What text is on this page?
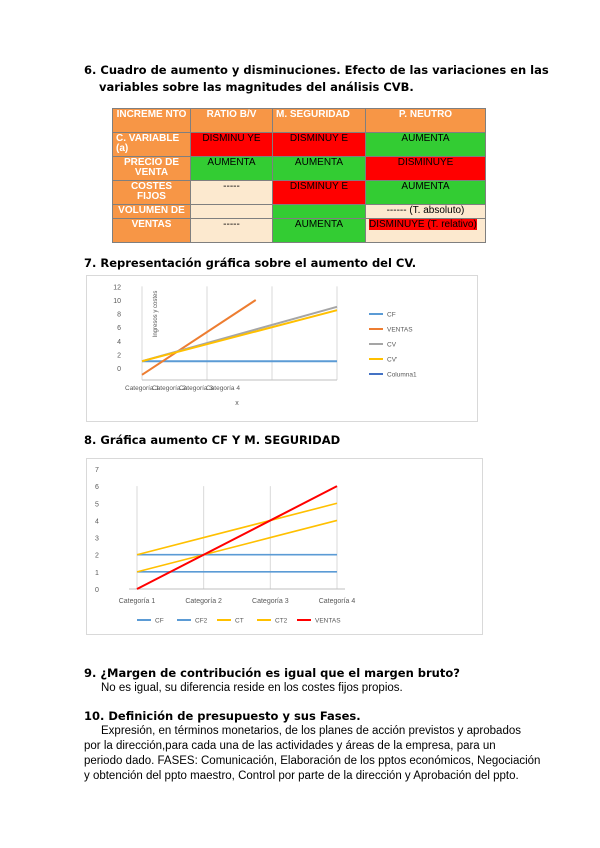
6. Cuadro de aumento y disminuciones. Efecto de las variaciones en las
variables sobre las magnitudes del análisis CVB.
INCREME NTO	RATIO B/V	M. SEGURIDAD	P. NEUTRO
C. VARIABLE (a)	DISMINU YE	DISMINUY E	AUMENTA
PRECIO DE VENTA	AUMENTA	AUMENTA	DISMINUYE
COSTES FIJOS	-----	DISMINUY E	AUMENTA
VOLUMEN DE			------ (T. absoluto)
VENTAS	-----	AUMENTA	DISMINUYE (T. relativo)
7. Representación gráfica sobre el aumento del CV.
0
2
4
6
8
10
12
Ingresos y costes
Categoría 1
Categoría 2
Categoría 3
Categoría 4
x
CF
VENTAS
CV
CV'
Columna1
8. Gráfica aumento CF Y M. SEGURIDAD
0
1
2
3
4
5
6
7
Categoría 1	Categoría 2	Categoría 3	Categoría 4
CF	CF2	CT	CT2	VENTAS
9. ¿Margen de contribución es igual que el margen bruto?
No es igual, su diferencia reside en los costes fijos propios.
10. Definición de presupuesto y sus Fases.
Expresión, en términos monetarios, de los planes de acción previstos y aprobados
por la dirección,para cada una de las actividades y áreas de la empresa, para un
periodo dado. FASES: Comunicación, Elaboración de los pptos económicos, Negociación
y obtención del ppto maestro, Control por parte de la dirección y Aprobación del ppto.
